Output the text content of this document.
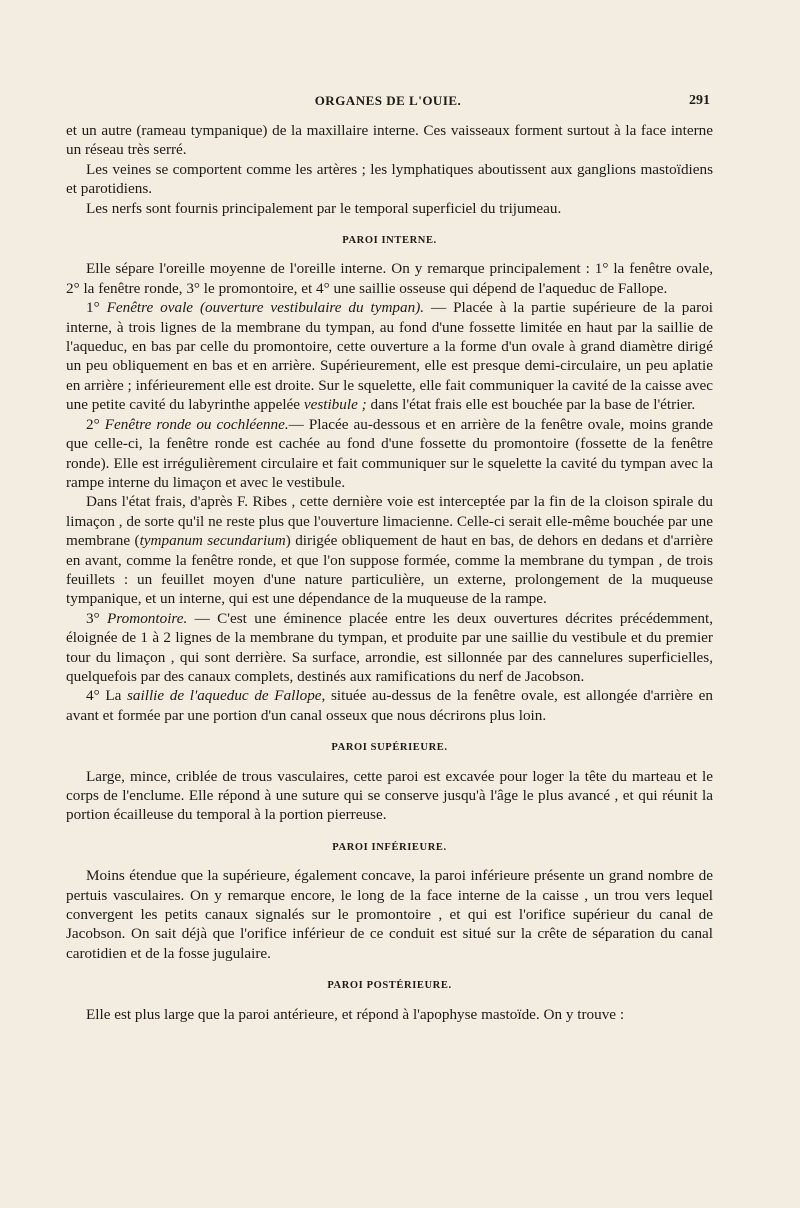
ORGANES DE L'OUIE.	291

et un autre (rameau tympanique) de la maxillaire interne. Ces vaisseaux forment surtout à la face interne un réseau très serré.

Les veines se comportent comme les artères ; les lymphatiques aboutissent aux ganglions mastoïdiens et parotidiens.

Les nerfs sont fournis principalement par le temporal superficiel du trijumeau.

PAROI INTERNE.

Elle sépare l'oreille moyenne de l'oreille interne. On y remarque principalement : 1° la fenêtre ovale, 2° la fenêtre ronde, 3° le promontoire, et 4° une saillie osseuse qui dépend de l'aqueduc de Fallope.

1° Fenêtre ovale (ouverture vestibulaire du tympan). — Placée à la partie supérieure de la paroi interne, à trois lignes de la membrane du tympan, au fond d'une fossette limitée en haut par la saillie de l'aqueduc, en bas par celle du promontoire, cette ouverture a la forme d'un ovale à grand diamètre dirigé un peu obliquement en bas et en arrière. Supérieurement, elle est presque demi-circulaire, un peu aplatie en arrière ; inférieurement elle est droite. Sur le squelette, elle fait communiquer la cavité de la caisse avec une petite cavité du labyrinthe appelée vestibule ; dans l'état frais elle est bouchée par la base de l'étrier.

2° Fenêtre ronde ou cochléenne.— Placée au-dessous et en arrière de la fenêtre ovale, moins grande que celle-ci, la fenêtre ronde est cachée au fond d'une fossette du promontoire (fossette de la fenêtre ronde). Elle est irrégulièrement circulaire et fait communiquer sur le squelette la cavité du tympan avec la rampe interne du limaçon et avec le vestibule.

Dans l'état frais, d'après F. Ribes , cette dernière voie est interceptée par la fin de la cloison spirale du limaçon , de sorte qu'il ne reste plus que l'ouverture limacienne. Celle-ci serait elle-même bouchée par une membrane (tympanum secundarium) dirigée obliquement de haut en bas, de dehors en dedans et d'arrière en avant, comme la fenêtre ronde, et que l'on suppose formée, comme la membrane du tympan , de trois feuillets : un feuillet moyen d'une nature particulière, un externe, prolongement de la muqueuse tympanique, et un interne, qui est une dépendance de la muqueuse de la rampe.

3° Promontoire. — C'est une éminence placée entre les deux ouvertures décrites précédemment, éloignée de 1 à 2 lignes de la membrane du tympan, et produite par une saillie du vestibule et du premier tour du limaçon , qui sont derrière. Sa surface, arrondie, est sillonnée par des cannelures superficielles, quelquefois par des canaux complets, destinés aux ramifications du nerf de Jacobson.

4° La saillie de l'aqueduc de Fallope, située au-dessus de la fenêtre ovale, est allongée d'arrière en avant et formée par une portion d'un canal osseux que nous décrirons plus loin.

PAROI SUPÉRIEURE.

Large, mince, criblée de trous vasculaires, cette paroi est excavée pour loger la tête du marteau et le corps de l'enclume. Elle répond à une suture qui se conserve jusqu'à l'âge le plus avancé , et qui réunit la portion écailleuse du temporal à la portion pierreuse.

PAROI INFÉRIEURE.

Moins étendue que la supérieure, également concave, la paroi inférieure présente un grand nombre de pertuis vasculaires. On y remarque encore, le long de la face interne de la caisse , un trou vers lequel convergent les petits canaux signalés sur le promontoire , et qui est l'orifice supérieur du canal de Jacobson. On sait déjà que l'orifice inférieur de ce conduit est situé sur la crête de séparation du canal carotidien et de la fosse jugulaire.

PAROI POSTÉRIEURE.

Elle est plus large que la paroi antérieure, et répond à l'apophyse mastoïde. On y trouve :
